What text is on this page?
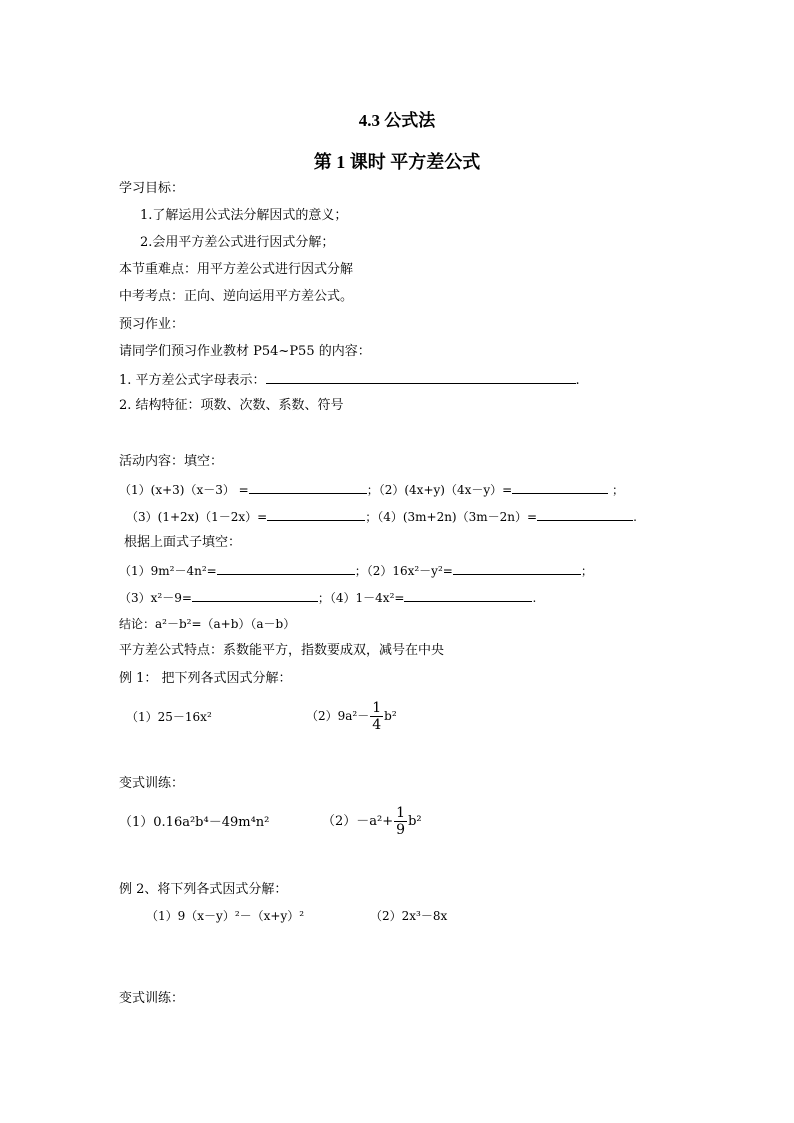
4.3 公式法
第 1 课时 平方差公式
学习目标：
1.了解运用公式法分解因式的意义；
2.会用平方差公式进行因式分解；
本节重难点：用平方差公式进行因式分解
中考考点：正向、逆向运用平方差公式。
预习作业：
请同学们预习作业教材 P54~P55 的内容：
1. 平方差公式字母表示：	.
2. 结构特征：项数、次数、系数、符号
活动内容：填空：
（1）(x+3)（x－3） =	；（2）(4x+y)（4x－y）=	；
（3）(1+2x)（1－2x）=	；（4）(3m+2n)（3m－2n）=	.
根据上面式子填空：
（1）9m²－4n²=	；（2）16x²－y²=	；
（3）x²－9=	；（4）1－4x²=	.
结论：a²－b²=（a+b）（a－b）
平方差公式特点：系数能平方，指数要成双，减号在中央
例 1： 把下列各式因式分解：
（1）25－16x²	$(2)9a^2- \frac{1}{4} b^2$
变式训练：
（1）0.16a²b⁴－49m⁴n²	$(2)-a^2+ \frac{1}{9} b^2$
例 2、将下列各式因式分解：
（1）9（x－y）²－（x+y）²	（2）2x³－8x
变式训练：
